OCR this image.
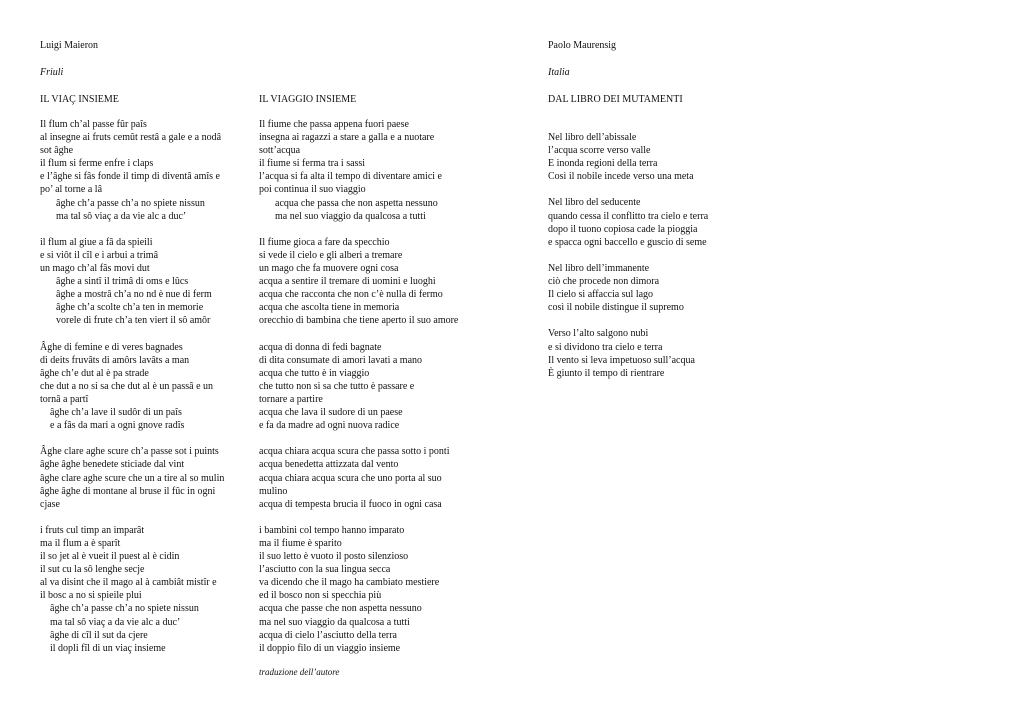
Luigi Maieron
Friuli
IL VIAÇ INSIEME	IL VIAGGIO INSIEME
Il flum ch’al passe fûr paîs
al insegne ai fruts cemût restâ a gale e a nodâ
sot âghe
il flum si ferme enfre i claps
e l’âghe si fâs fonde il timp di diventâ amîs e
po’ al torne a lâ
âghe ch’a passe ch’a no spiete nissun
ma tal sô viaç a da vie alc a duc’
il flum al giue a fâ da spieili
e si viôt il cîl e i arbui a trimâ
un mago ch’al fâs movi dut
âghe a sintî il trimâ di oms e lûcs
âghe a mostrâ ch’a no nd è nue di ferm
âghe ch’a scolte ch’a ten in memorie
vorele di frute ch’a ten viert il sô amôr
Âghe di femine e di veres bagnades
di deits fruvâts di amôrs lavâts a man
âghe ch’e dut al è pa strade
che dut a no si sa che dut al è un passâ e un
tornâ a partî
âghe ch’a lave il sudôr di un paîs
e a fâs da mari a ogni gnove radîs
Âghe clare aghe scure ch’a passe sot i puints
âghe âghe benedete sticiade dal vint
âghe clare aghe scure che un a tire al so mulin
âghe âghe di montane al bruse il fûc in ogni
cjase
i fruts cul timp an imparât
ma il flum a è sparît
il so jet al è vueit il puest al è cidin
il sut cu la sô lenghe secje
al va disint che il mago al à cambiât mistîr e
il bosc a no si spieile plui
âghe ch’a passe ch’a no spiete nissun
ma tal sô viaç a da vie alc a duc’
âghe di cîl il sut da cjere
il dopli fîl di un viaç insieme
Il fiume che passa appena fuori paese
insegna ai ragazzi a stare a galla e a nuotare
sott’acqua
il fiume si ferma tra i sassi
l’acqua si fa alta il tempo di diventare amici e
poi continua il suo viaggio
acqua che passa che non aspetta nessuno
ma nel suo viaggio da qualcosa a tutti
Il fiume gioca a fare da specchio
si vede il cielo e gli alberi a tremare
un mago che fa muovere ogni cosa
acqua a sentire il tremare di uomini e luoghi
acqua che racconta che non c’è nulla di fermo
acqua che ascolta tiene in memoria
orecchio di bambina che tiene aperto il suo amore
acqua di donna di fedi bagnate
di dita consumate di amori lavati a mano
acqua che tutto è in viaggio
che tutto non si sa che tutto è passare e
tornare a partire
acqua che lava il sudore di un paese
e fa da madre ad ogni nuova radice
acqua chiara acqua scura che passa sotto i ponti
acqua benedetta attizzata dal vento
acqua chiara acqua scura che uno porta al suo
mulino
acqua di tempesta brucia il fuoco in ogni casa
i bambini col tempo hanno imparato
ma il fiume è sparito
il suo letto è vuoto il posto silenzioso
l’asciutto con la sua lingua secca
va dicendo che il mago ha cambiato mestiere
ed il bosco non si specchia più
acqua che passe che non aspetta nessuno
ma nel suo viaggio da qualcosa a tutti
acqua di cielo l’asciutto della terra
il doppio filo di un viaggio insieme
traduzione dell’autore
Paolo Maurensig
Italia
DAL LIBRO DEI MUTAMENTI
Nel libro dell’abissale
l’acqua scorre verso valle
E inonda regioni della terra
Così il nobile incede verso una meta
Nel libro del seducente
quando cessa il conflitto tra cielo e terra
dopo il tuono copiosa cade la pioggia
e spacca ogni baccello e guscio di seme
Nel libro dell’immanente
ciò che procede non dimora
Il cielo si affaccia sul lago
così il nobile distingue il supremo
Verso l’alto salgono nubi
e si dividono tra cielo e terra
Il vento si leva impetuoso sull’acqua
È giunto il tempo di rientrare
